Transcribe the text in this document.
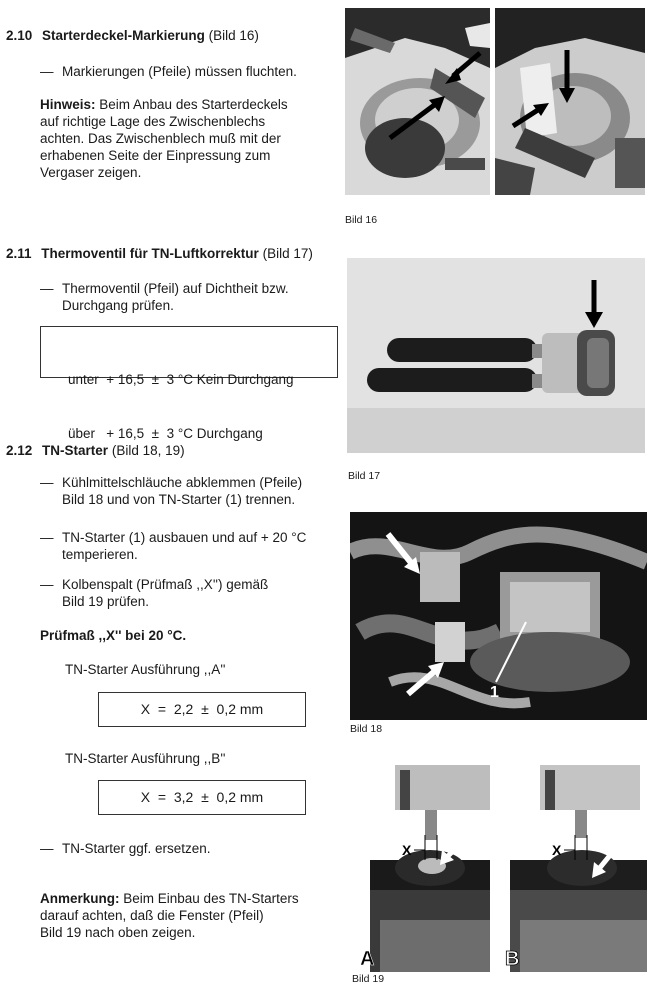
2.10 Starterdeckel-Markierung (Bild 16)
— Markierungen (Pfeile) müssen fluchten.
Hinweis: Beim Anbau des Starterdeckels
auf richtige Lage des Zwischenblechs
achten. Das Zwischenblech muß mit der
erhabenen Seite der Einpressung zum
Vergaser zeigen.
2.11 Thermoventil für TN-Luftkorrektur (Bild 17)
— Thermoventil (Pfeil) auf Dichtheit bzw.
Durchgang prüfen.

unter  + 16,5  ±  3 °C Kein Durchgang

über   + 16,5  ±  3 °C Durchgang

2.12 TN-Starter (Bild 18, 19)
— Kühlmittelschläuche abklemmen (Pfeile)
Bild 18 und von TN-Starter (1) trennen.
— TN-Starter (1) ausbauen und auf + 20 °C
temperieren.
— Kolbenspalt (Prüfmaß ,,X'') gemäß
Bild 19 prüfen.
Prüfmaß ,,X'' bei 20 °C.
TN-Starter Ausführung ,,A''
X  =  2,2  ±  0,2 mm
TN-Starter Ausführung ,,B''
X  =  3,2  ±  0,2 mm
— TN-Starter ggf. ersetzen.
Anmerkung: Beim Einbau des TN-Starters
darauf achten, daß die Fenster (Pfeil)
Bild 19 nach oben zeigen.
Bild 16
Bild 17
1
Bild 18
X
A
X
B
Bild 19
